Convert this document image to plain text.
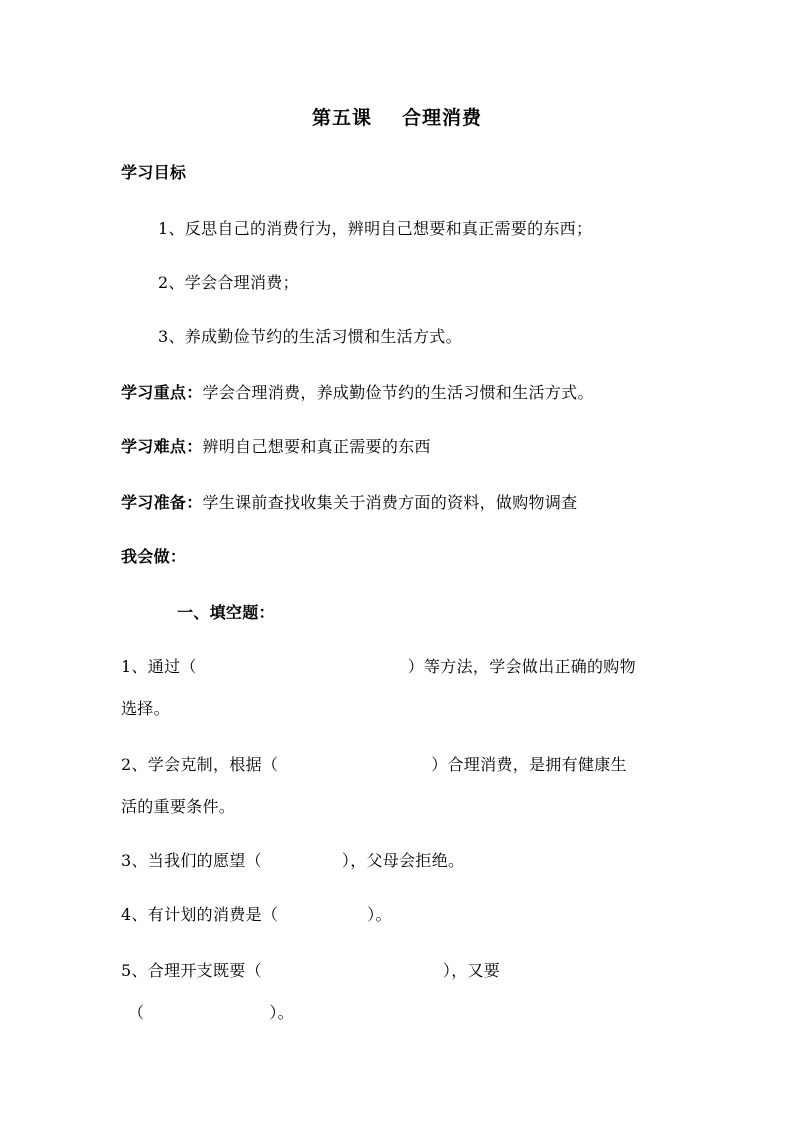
第五课 合理消费
学习目标
1、反思自己的消费行为，辨明自己想要和真正需要的东西；
2、学会合理消费；
3、养成勤俭节约的生活习惯和生活方式。
学习重点：学会合理消费，养成勤俭节约的生活习惯和生活方式。
学习难点：辨明自己想要和真正需要的东西
学习准备：学生课前查找收集关于消费方面的资料，做购物调查
我会做：
一、填空题：
1、通过（	）等方法，学会做出正确的购物
选择。
2、学会克制，根据（	）合理消费，是拥有健康生
活的重要条件。
3、当我们的愿望（	），父母会拒绝。
4、有计划的消费是（	）。
5、合理开支既要（	），又要
（	）。
